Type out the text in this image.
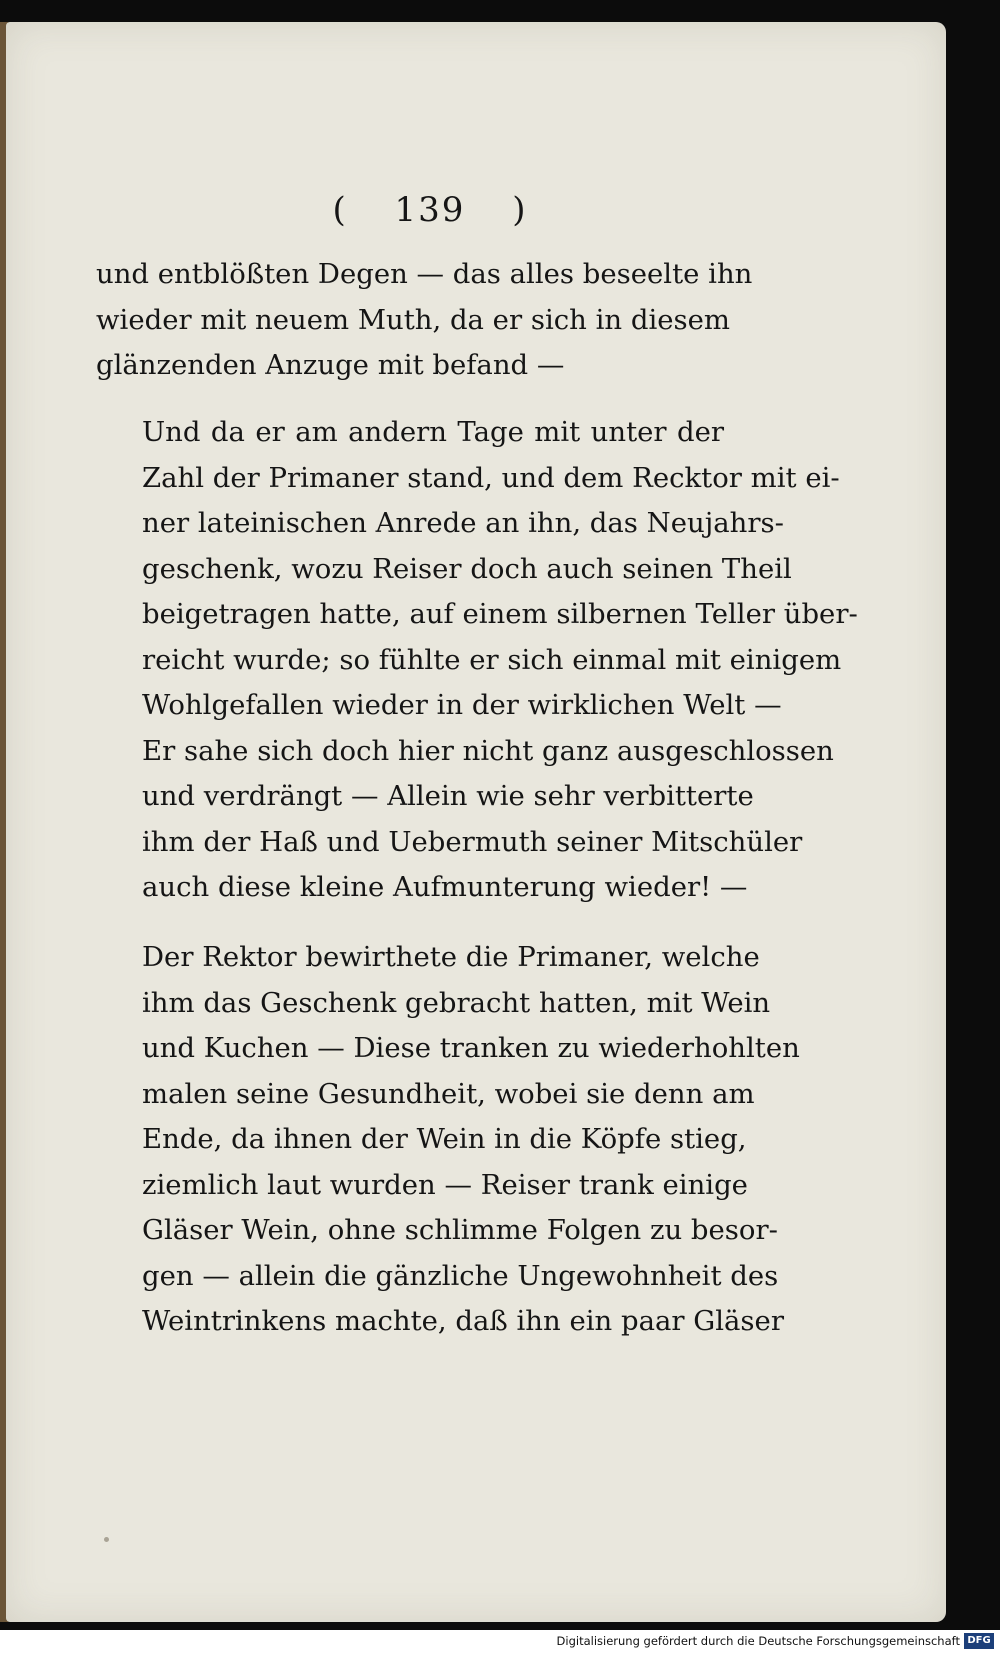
( 139 )

und entblößten Degen — das alles beseelte ihn
wieder mit neuem Muth, da er sich in diesem
glänzenden Anzuge mit befand —

Und da er am andern Tage mit unter der
Zahl der Primaner stand, und dem Recktor mit ei-
ner lateinischen Anrede an ihn, das Neujahrs-
geschenk, wozu Reiser doch auch seinen Theil
beigetragen hatte, auf einem silbernen Teller über-
reicht wurde; so fühlte er sich einmal mit einigem
Wohlgefallen wieder in der wirklichen Welt —
Er sahe sich doch hier nicht ganz ausgeschlossen
und verdrängt — Allein wie sehr verbitterte
ihm der Haß und Uebermuth seiner Mitschüler
auch diese kleine Aufmunterung wieder! —

Der Rektor bewirthete die Primaner, welche
ihm das Geschenk gebracht hatten, mit Wein
und Kuchen — Diese tranken zu wiederhohlten
malen seine Gesundheit, wobei sie denn am
Ende, da ihnen der Wein in die Köpfe stieg,
ziemlich laut wurden — Reiser trank einige
Gläser Wein, ohne schlimme Folgen zu besor-
gen — allein die gänzliche Ungewohnheit des
Weintrinkens machte, daß ihn ein paar Gläser

Digitalisierung gefördert durch die Deutsche Forschungsgemeinschaft DFG
